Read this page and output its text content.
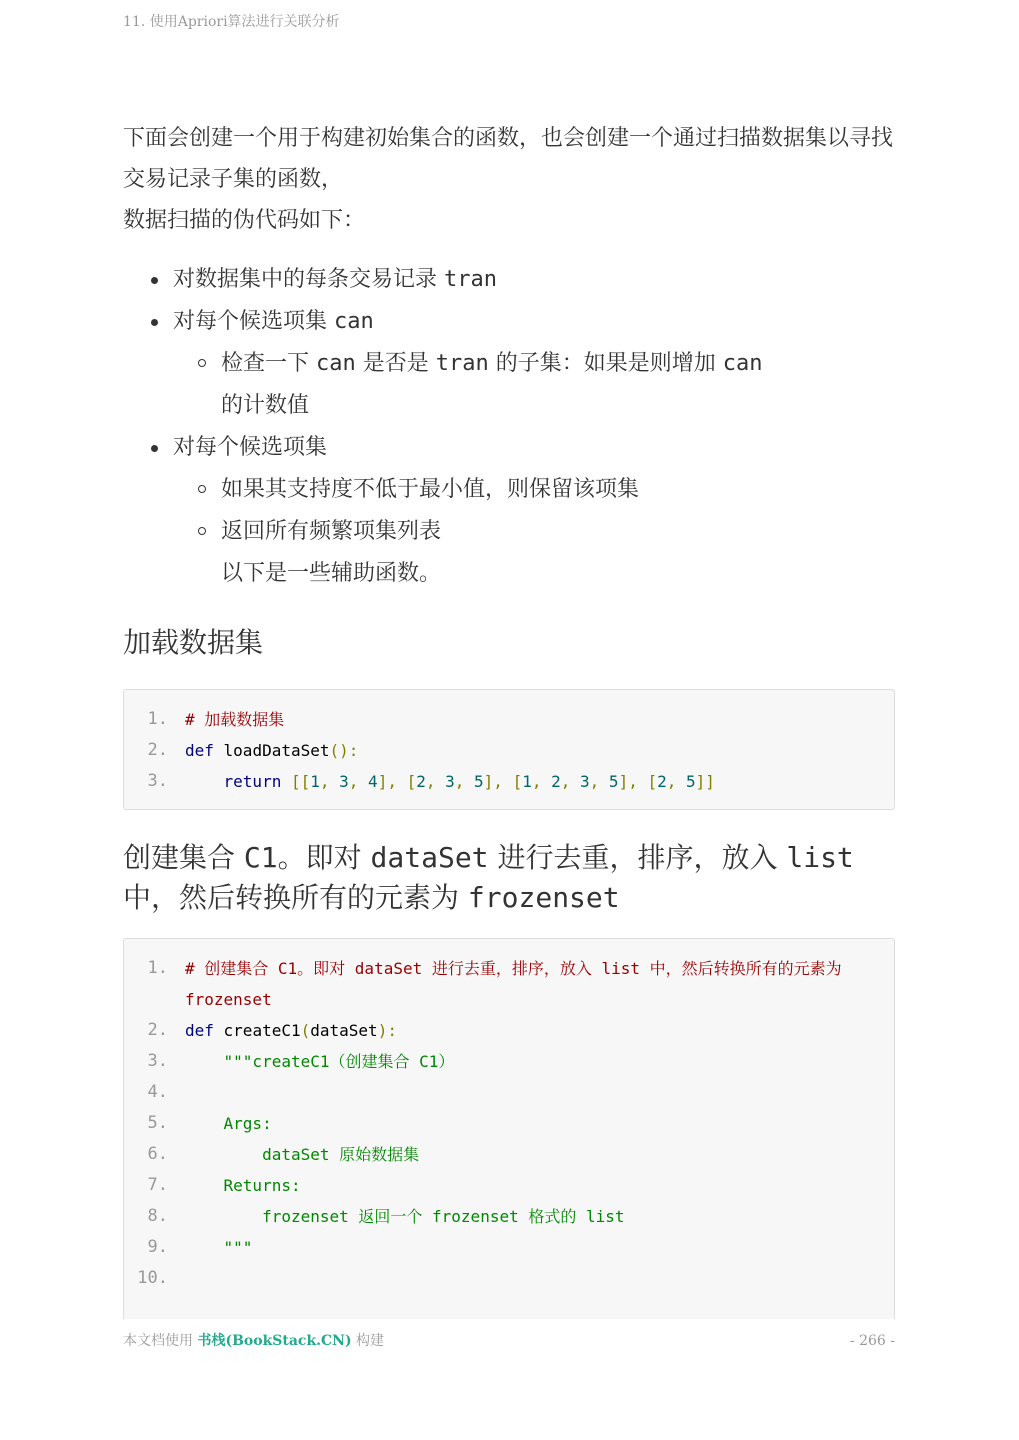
11. 使用Apriori算法进行关联分析

下面会创建一个用于构建初始集合的函数，也会创建一个通过扫描数据集以寻找交易记录子集的函数，
数据扫描的伪代码如下：

对数据集中的每条交易记录 tran
对每个候选项集 can
检查一下 can 是否是 tran 的子集：如果是则增加 can
的计数值
对每个候选项集
如果其支持度不低于最小值，则保留该项集
返回所有频繁项集列表
以下是一些辅助函数。
加载数据集
1.	# 加载数据集
2.	def loadDataSet():
3.	return [[1, 3, 4], [2, 3, 5], [1, 2, 3, 5], [2, 5]]
创建集合 C1。即对 dataSet 进行去重，排序，放入 list
中，然后转换所有的元素为 frozenset
1.	# 创建集合 C1。即对 dataSet 进行去重，排序，放入 list 中，然后转换所有的元素为 frozenset
2.	def createC1(dataSet):
3.	"""createC1（创建集合 C1）
4.
5.	Args:
6.	dataSet 原始数据集
7.	Returns:
8.	frozenset 返回一个 frozenset 格式的 list
9.	"""
10.
本文档使用 书栈(BookStack.CN) 构建	- 266 -
